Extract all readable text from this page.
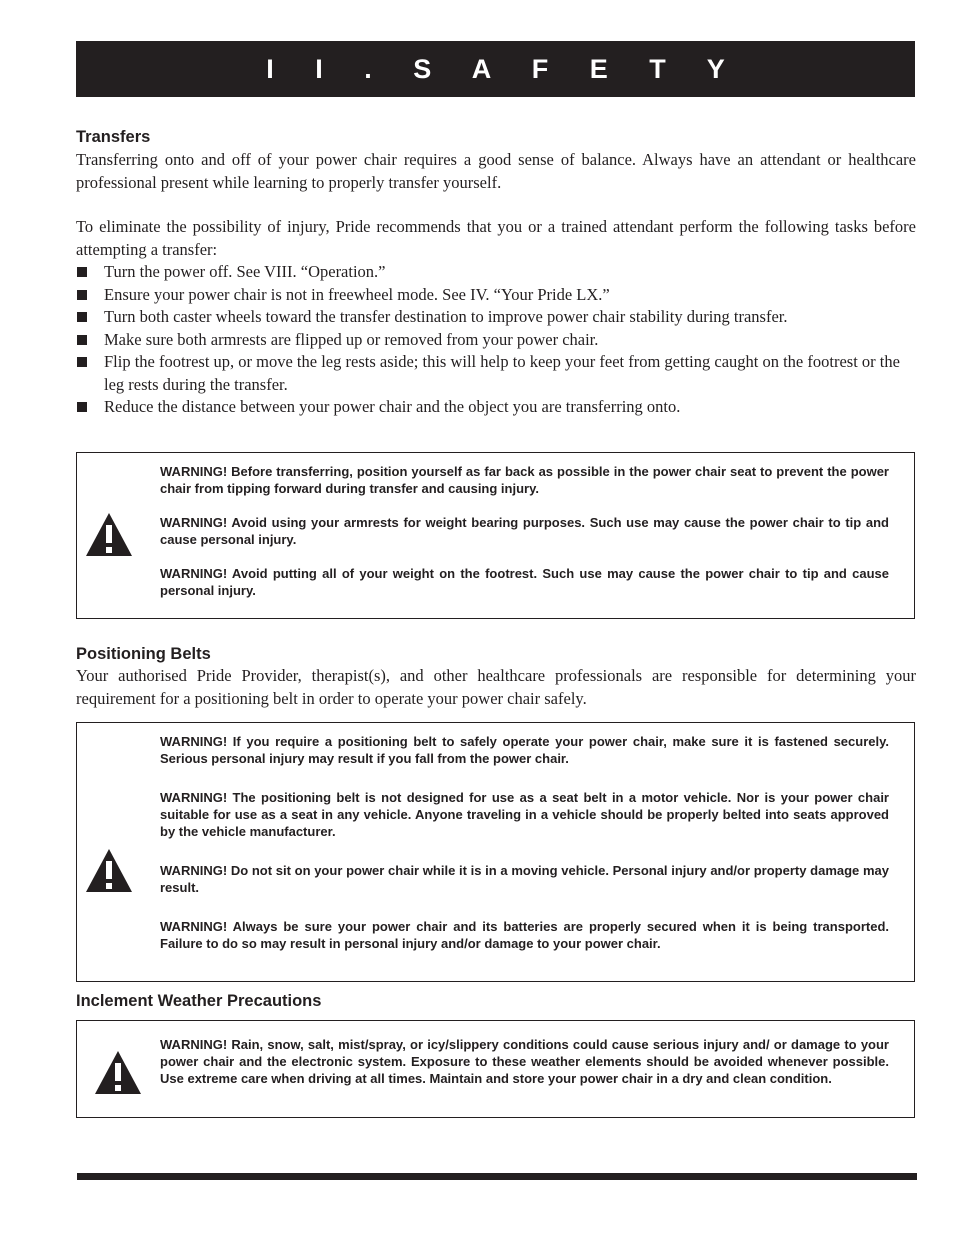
I I . S A F E T Y
Transfers

Transferring onto and off of your power chair requires a good sense of balance. Always have an attendant or healthcare professional present while learning to properly transfer yourself.

To eliminate the possibility of injury, Pride recommends that you or a trained attendant perform the following tasks before attempting a transfer:

Turn the power off. See VIII. “Operation.”
Ensure your power chair is not in freewheel mode. See IV. “Your Pride LX.”
Turn both caster wheels toward the transfer destination to improve power chair stability during transfer.
Make sure both armrests are flipped up or removed from your power chair.
Flip the footrest up, or move the leg rests aside; this will help to keep your feet from getting caught on the footrest or the leg rests during the transfer.
Reduce the distance between your power chair and the object you are transferring onto.

WARNING! Before transferring, position yourself as far back as possible in the power chair seat to prevent the power chair from tipping forward during transfer and causing injury.

WARNING! Avoid using your armrests for weight bearing purposes. Such use may cause the power chair to tip and cause personal injury.

WARNING! Avoid putting all of your weight on the footrest. Such use may cause the power chair to tip and cause personal injury.

Positioning Belts

Your authorised Pride Provider, therapist(s), and other healthcare professionals are responsible for determining your requirement for a positioning belt in order to operate your power chair safely.

WARNING! If you require a positioning belt to safely operate your power chair, make sure it is fastened securely. Serious personal injury may result if you fall from the power chair.

WARNING! The positioning belt is not designed for use as a seat belt in a motor vehicle. Nor is your power chair suitable for use as a seat in any vehicle. Anyone traveling in a vehicle should be properly belted into seats approved by the vehicle manufacturer.

WARNING! Do not sit on your power chair while it is in a moving vehicle. Personal injury and/or property damage may result.

WARNING! Always be sure your power chair and its batteries are properly secured when it is being transported. Failure to do so may result in personal injury and/or damage to your power chair.

Inclement Weather Precautions

WARNING! Rain, snow, salt, mist/spray, or icy/slippery conditions could cause serious injury and/ or damage to your power chair and the electronic system. Exposure to these weather elements should be avoided whenever possible. Use extreme care when driving at all times. Maintain and store your power chair in a dry and clean condition.
